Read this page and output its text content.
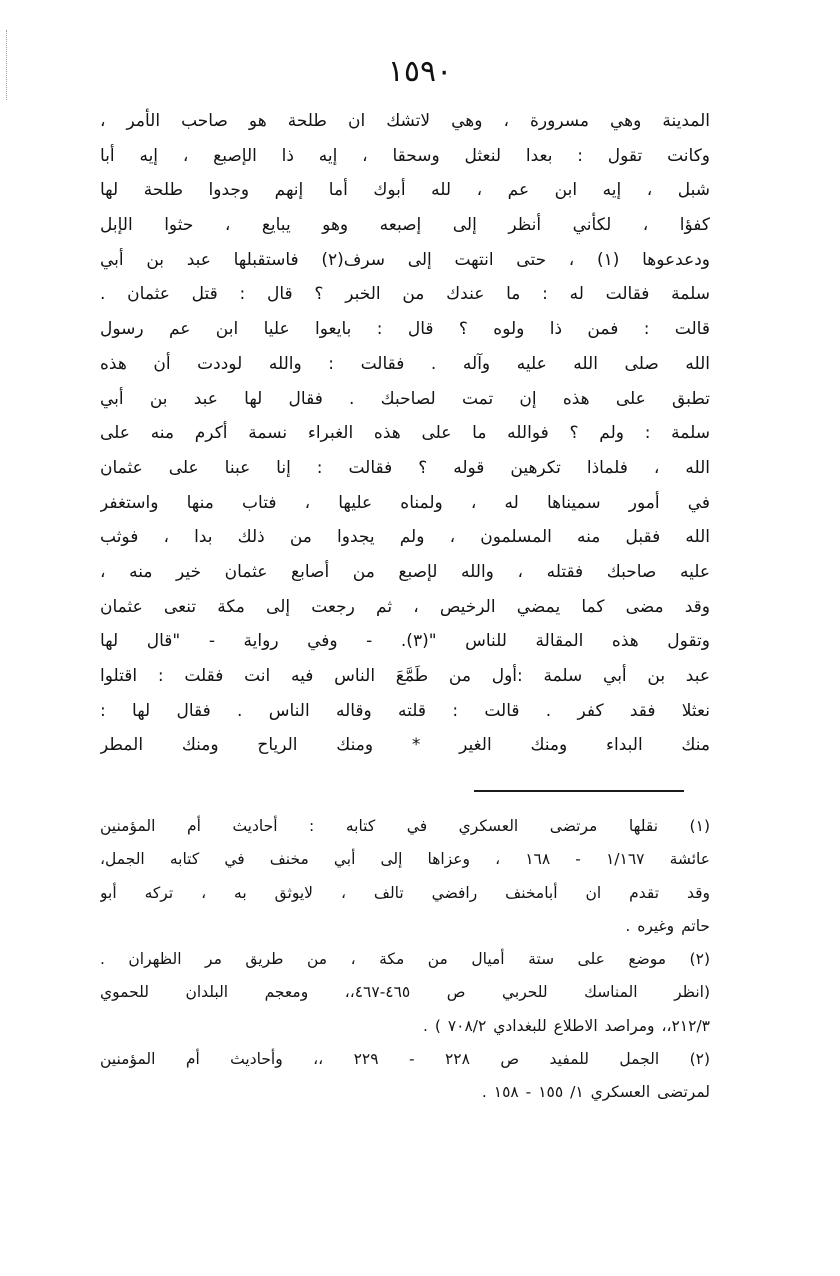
١٥٩٠
المدينة وهي مسرورة ، وهي لاتشك ان طلحة هو صاحب الأمر ،
وكانت تقول : بعدا لنعثل وسحقا ، إيه ذا الإصبع ، إيه أبا
شبل ، إيه ابن عم ، لله أبوك أما إنهم وجدوا طلحة لها
كفؤا ، لكأني أنظر إلى إصبعه وهو يبايع ، حثوا الإبل
ودعدعوها (١) ، حتى انتهت إلى سرف(٢) فاستقبلها عبد بن أبي
سلمة فقالت له : ما عندك من الخبر ؟ قال : قتل عثمان .
قالت : فمن ذا ولوه ؟ قال : بايعوا عليا ابن عم رسول
الله صلى الله عليه وآله . فقالت : والله لوددت أن هذه
تطبق على هذه إن تمت لصاحبك . فقال لها عبد بن أبي
سلمة : ولم ؟ فوالله ما على هذه الغبراء نسمة أكرم منه على
الله ، فلماذا تكرهين قوله ؟ فقالت : إنا عبنا على عثمان
في أمور سميناها له ، ولمناه عليها ، فتاب منها واستغفر
الله فقبل منه المسلمون ، ولم يجدوا من ذلك بدا ، فوثب
عليه صاحبك فقتله ، والله لإصبع من أصابع عثمان خير منه ،
وقد مضى كما يمضي الرخيص ، ثم رجعت إلى مكة تنعى عثمان
وتقول هذه المقالة للناس "(٣). - وفي رواية - "قال لها
عبد بن أبي سلمة :أول من طَمَّعَ الناس فيه انت فقلت : اقتلوا
نعثلا فقد كفر . قالت : قلته وقاله الناس . فقال لها :
منك البداء ومنك الغير * ومنك الرياح ومنك المطر
(١) نقلها مرتضى العسكري في كتابه : أحاديث أم المؤمنين
عائشة ١/١٦٧ - ١٦٨ ، وعزاها إلى أبي مخنف في كتابه الجمل،
وقد تقدم ان أبامخنف رافضي تالف ، لايوثق به ، تركه أبو
حاتم وغيره .
(٢) موضع على ستة أميال من مكة ، من طريق مر الظهران .
(انظر المناسك للحربي ص ٤٦٥-٤٦٧،، ومعجم البلدان للحموي
٢١٢/٣،، ومراصد الاطلاع للبغدادي ٧٠٨/٢ ) .
(٢) الجمل للمفيد ص ٢٢٨ - ٢٢٩ ،، وأحاديث أم المؤمنين
لمرتضى العسكري ١/ ١٥٥ - ١٥٨ .
